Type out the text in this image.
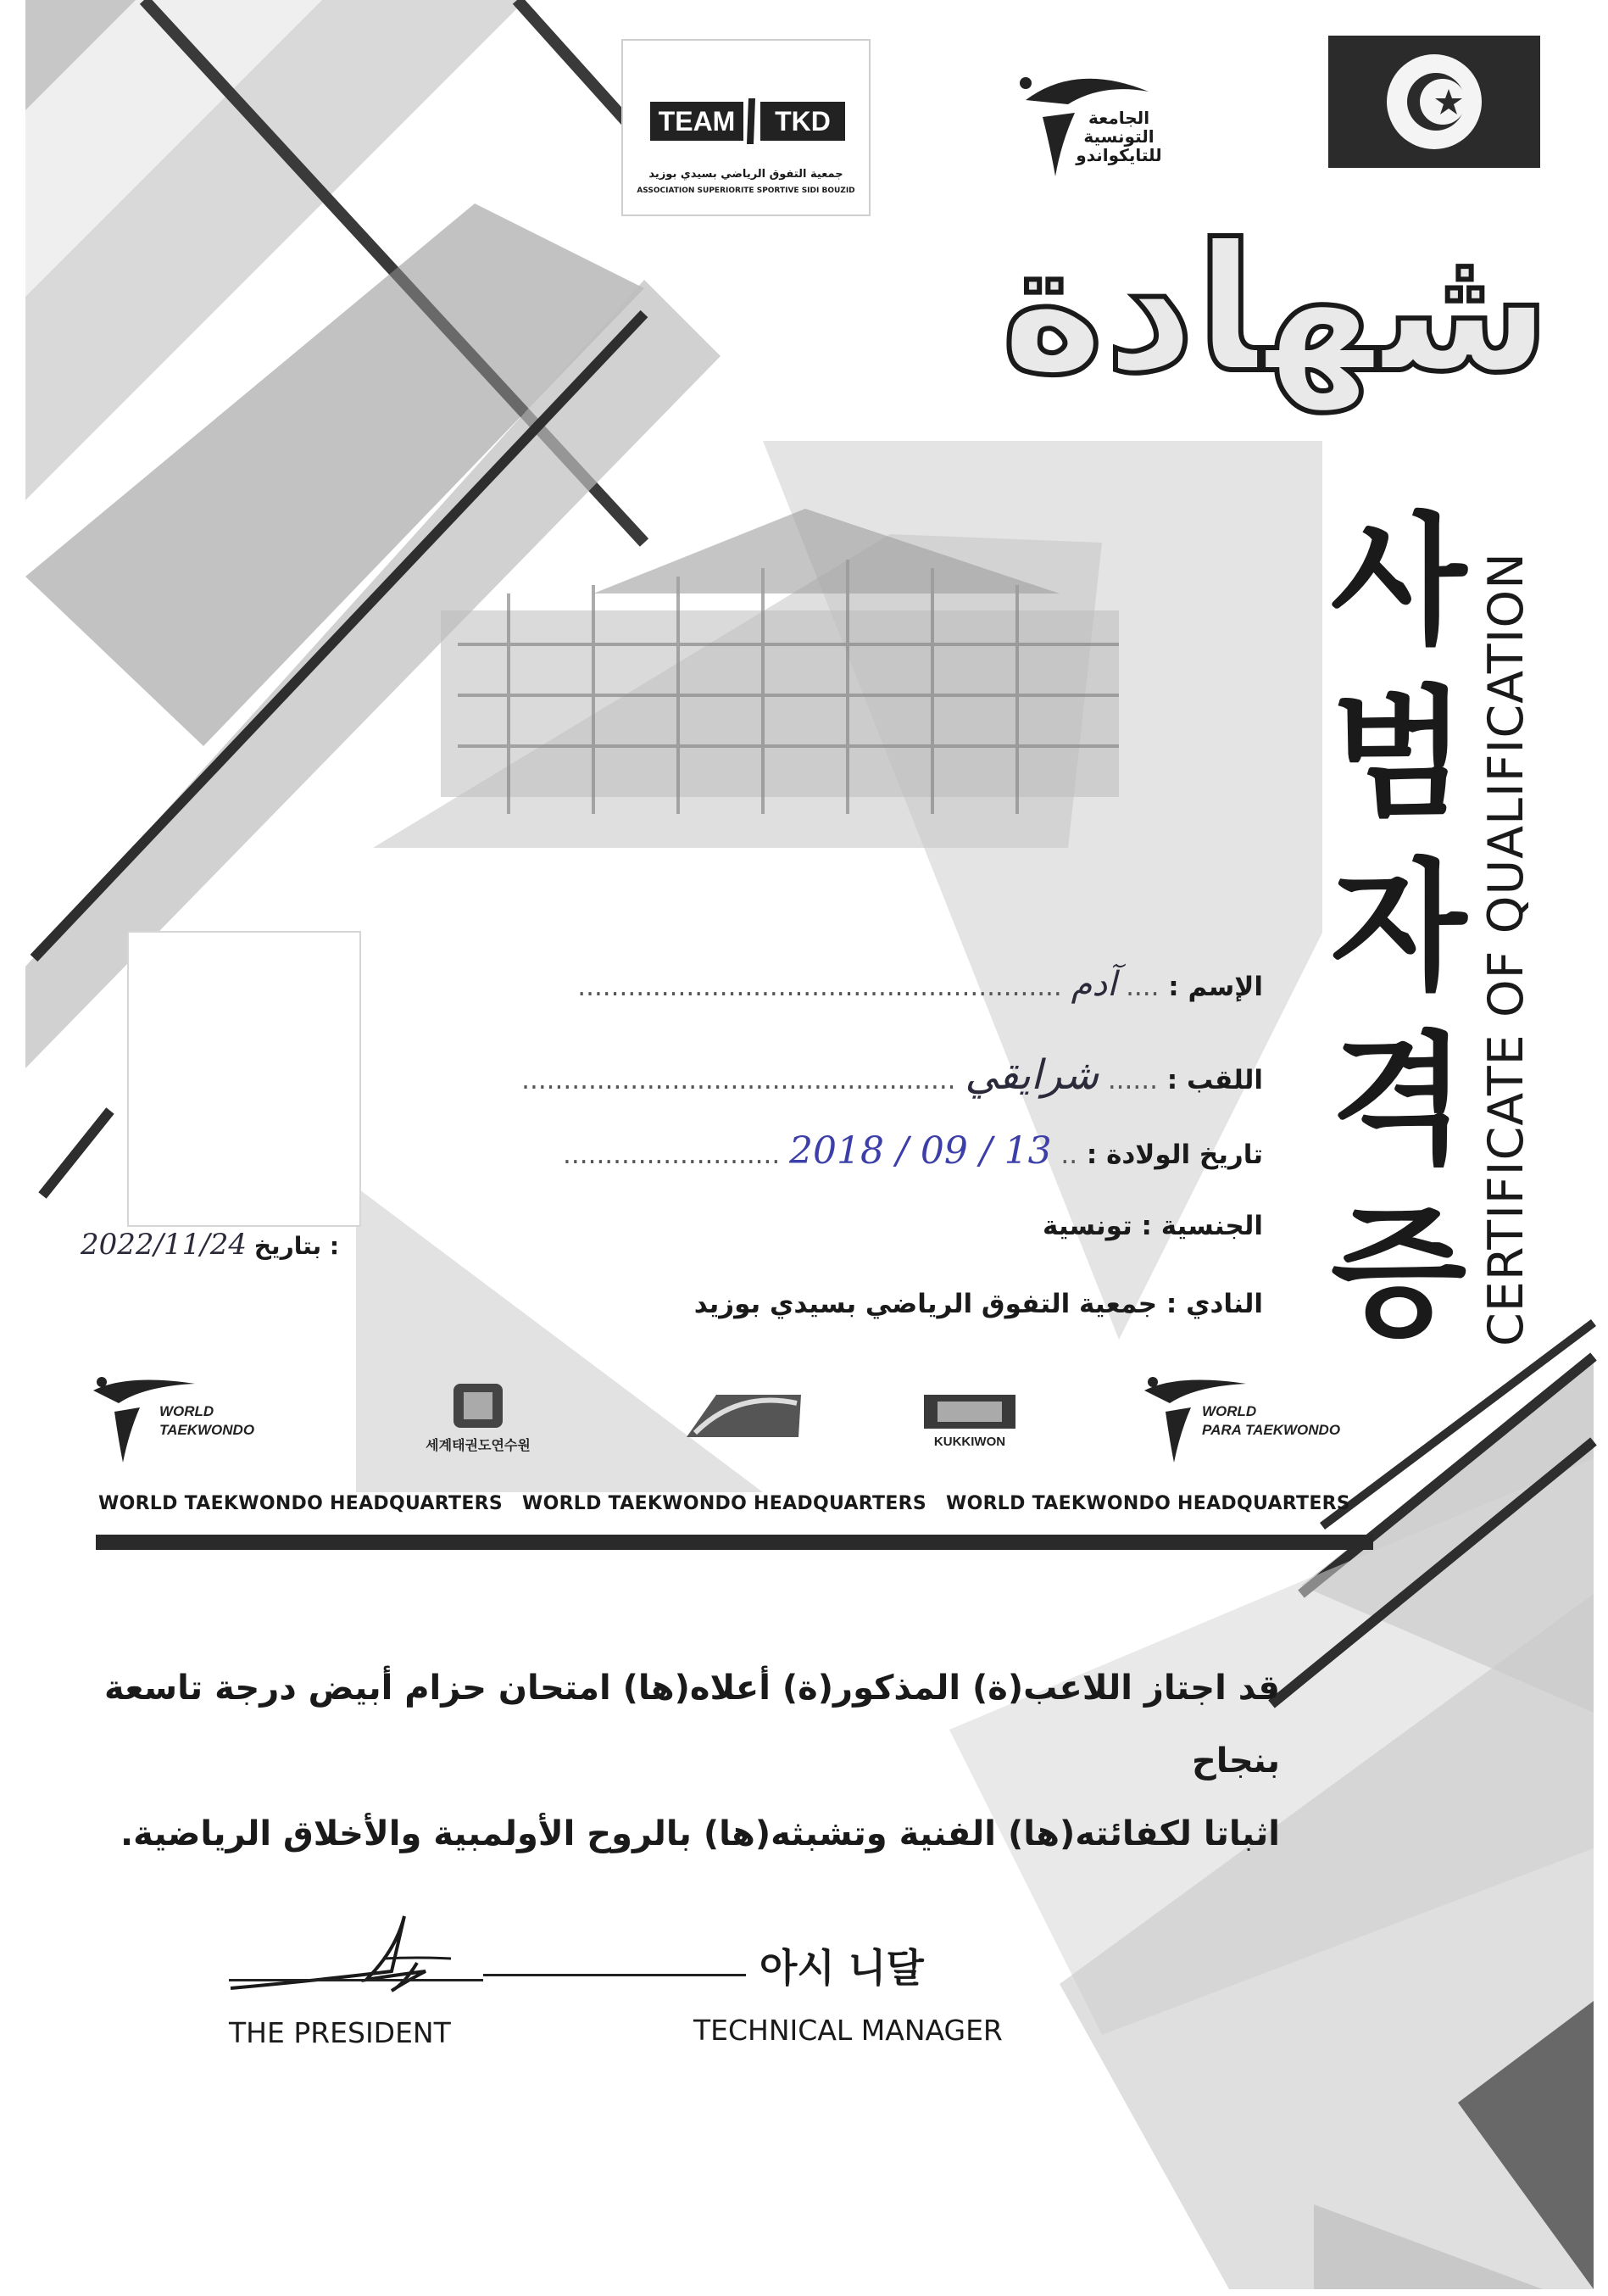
الجامعة التونسية للتايكواندو
TEAM TKD
جمعية التفوق الرياضي بسيدي بوزيد
ASSOCIATION SUPERIORITE SPORTIVE SIDI BOUZID
شهادة
사
범
자
격
증 CERTIFICATE OF QUALIFICATION
الإسم : .... آدم ..........................................................
اللقب : ...... شرايقي ....................................................
تاريخ الولادة : .. 2018 / 09 / 13 ..........................
الجنسية : تونسية
النادي : جمعية التفوق الرياضي بسيدي بوزيد
2022/11/24 بتاريخ :
WORLD
TAEKWONDO
세계태권도연수원	KUKKIWON
WORLD
PARA TAEKWONDO
WORLD TAEKWONDO HEADQUARTERS WORLD TAEKWONDO HEADQUARTERS WORLD TAEKWONDO HEADQUARTERS
قد اجتاز اللاعب(ة) المذكور(ة) أعلاه(ها) امتحان حزام أبيض درجة تاسعة بنجاح
اثباتا لكفائته(ها) الفنية وتشبثه(ها) بالروح الأولمبية والأخلاق الرياضية.
아시 니달
THE PRESIDENT	TECHNICAL MANAGER
